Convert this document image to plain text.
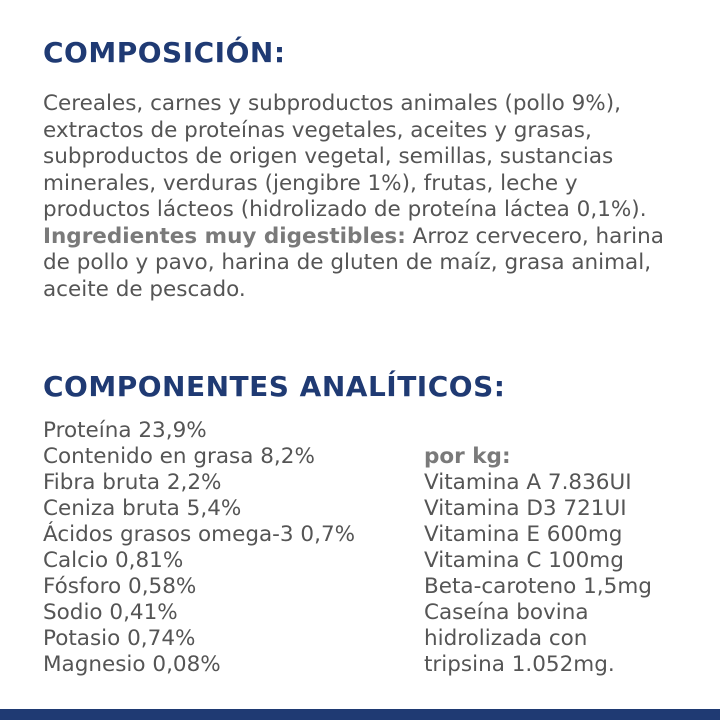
COMPOSICIÓN:
Cereales, carnes y subproductos animales (pollo 9%),
extractos de proteínas vegetales, aceites y grasas,
subproductos de origen vegetal, semillas, sustancias
minerales, verduras (jengibre 1%), frutas, leche y
productos lácteos (hidrolizado de proteína láctea 0,1%).
Ingredientes muy digestibles: Arroz cervecero, harina
de pollo y pavo, harina de gluten de maíz, grasa animal,
aceite de pescado.
COMPONENTES ANALÍTICOS:
Proteína 23,9%
Contenido en grasa 8,2%
Fibra bruta 2,2%
Ceniza bruta 5,4%
Ácidos grasos omega-3 0,7%
Calcio 0,81%
Fósforo 0,58%
Sodio 0,41%
Potasio 0,74%
Magnesio 0,08%
por kg:
Vitamina A 7.836UI
Vitamina D3 721UI
Vitamina E 600mg
Vitamina C 100mg
Beta-caroteno 1,5mg
Caseína bovina
hidrolizada con
tripsina 1.052mg.
